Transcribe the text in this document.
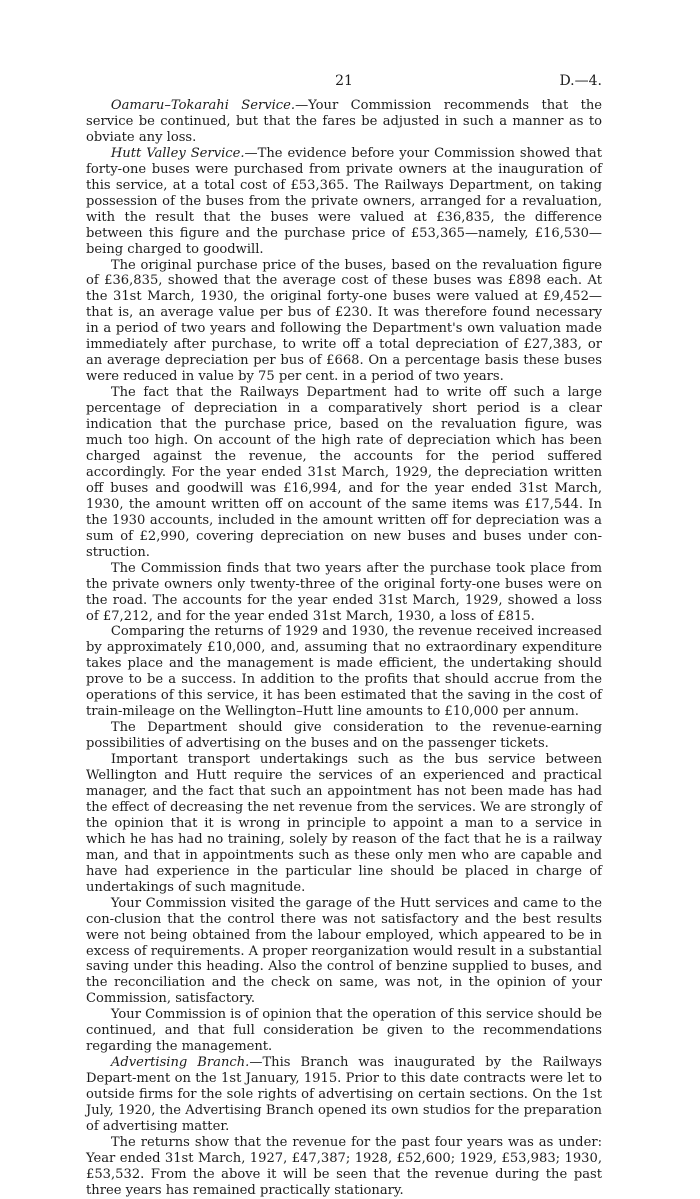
21	D.—4.

Oamaru–Tokarahi Service.—Your Commission recommends that the service be continued, but that the fares be adjusted in such a manner as to obviate any loss.

Hutt Valley Service.—The evidence before your Commission showed that forty-one buses were purchased from private owners at the inauguration of this service, at a total cost of £53,365. The Railways Department, on taking possession of the buses from the private owners, arranged for a revaluation, with the result that the buses were valued at £36,835, the difference between this figure and the purchase price of £53,365—namely, £16,530—being charged to goodwill.

The original purchase price of the buses, based on the revaluation figure of £36,835, showed that the average cost of these buses was £898 each. At the 31st March, 1930, the original forty-one buses were valued at £9,452—that is, an average value per bus of £230. It was therefore found necessary in a period of two years and following the Department's own valuation made immediately after purchase, to write off a total depreciation of £27,383, or an average depreciation per bus of £668. On a percentage basis these buses were reduced in value by 75 per cent. in a period of two years.

The fact that the Railways Department had to write off such a large percentage of depreciation in a comparatively short period is a clear indication that the purchase price, based on the revaluation figure, was much too high. On account of the high rate of depreciation which has been charged against the revenue, the accounts for the period suffered accordingly. For the year ended 31st March, 1929, the depreciation written off buses and goodwill was £16,994, and for the year ended 31st March, 1930, the amount written off on account of the same items was £17,544. In the 1930 accounts, included in the amount written off for depreciation was a sum of £2,990, covering depreciation on new buses and buses under con-struction.

The Commission finds that two years after the purchase took place from the private owners only twenty-three of the original forty-one buses were on the road. The accounts for the year ended 31st March, 1929, showed a loss of £7,212, and for the year ended 31st March, 1930, a loss of £815.

Comparing the returns of 1929 and 1930, the revenue received increased by approximately £10,000, and, assuming that no extraordinary expenditure takes place and the management is made efficient, the undertaking should prove to be a success. In addition to the profits that should accrue from the operations of this service, it has been estimated that the saving in the cost of train-mileage on the Wellington–Hutt line amounts to £10,000 per annum.

The Department should give consideration to the revenue-earning possibilities of advertising on the buses and on the passenger tickets.

Important transport undertakings such as the bus service between Wellington and Hutt require the services of an experienced and practical manager, and the fact that such an appointment has not been made has had the effect of decreasing the net revenue from the services. We are strongly of the opinion that it is wrong in principle to appoint a man to a service in which he has had no training, solely by reason of the fact that he is a railway man, and that in appointments such as these only men who are capable and have had experience in the particular line should be placed in charge of undertakings of such magnitude.

Your Commission visited the garage of the Hutt services and came to the con-clusion that the control there was not satisfactory and the best results were not being obtained from the labour employed, which appeared to be in excess of requirements. A proper reorganization would result in a substantial saving under this heading. Also the control of benzine supplied to buses, and the reconciliation and the check on same, was not, in the opinion of your Commission, satisfactory.

Your Commission is of opinion that the operation of this service should be continued, and that full consideration be given to the recommendations regarding the management.

Advertising Branch.—This Branch was inaugurated by the Railways Depart-ment on the 1st January, 1915. Prior to this date contracts were let to outside firms for the sole rights of advertising on certain sections. On the 1st July, 1920, the Advertising Branch opened its own studios for the preparation of advertising matter.

The returns show that the revenue for the past four years was as under: Year ended 31st March, 1927, £47,387; 1928, £52,600; 1929, £53,983; 1930, £53,532. From the above it will be seen that the revenue during the past three years has remained practically stationary.
